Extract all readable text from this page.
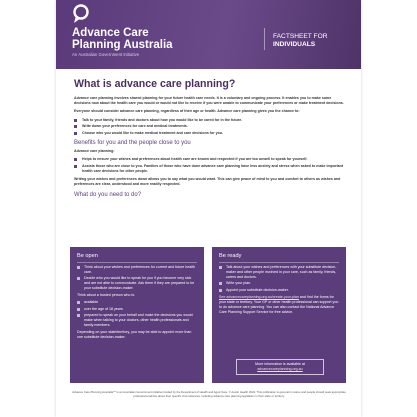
Advance Care
Planning Australia
An Australian Government Initiative
FACTSHEET FOR
INDIVIDUALS
What is advance care planning?

Advance care planning involves shared planning for your future health care needs. It is a voluntary and ongoing process. It enables you to make some decisions now about the health care you would or would not like to receive if you were unable to communicate your preferences or make treatment decisions.

Everyone should consider advance care planning, regardless of their age or health. Advance care planning gives you the chance to:

Talk to your family, friends and doctors about how you would like to be cared for in the future.
Write down your preferences for care and medical treatments.
Choose who you would like to make medical treatment and care decisions for you.
Benefits for you and the people close to you

Advance care planning:

Helps to ensure your wishes and preferences about health care are known and respected if you are too unwell to speak for yourself.
Assists those who are close to you. Families of those who have done advance care planning have less anxiety and stress when asked to make important health care decisions for other people.

Writing your wishes and preferences down allows you to say what you would want. This can give peace of mind to you and comfort to others as wishes and preferences are clear, understood and more readily respected.

What do you need to do?
Be open
Think about your wishes and preferences for current and future health care.
Decide who you would like to speak for you if you become very sick and are not able to communicate. Ask them if they are prepared to be your substitute decision-maker.

Think about a trusted person who is:

available
over the age of 18 years
prepared to speak on your behalf and make the decisions you would make when talking to your doctors, other health professionals and family members.

Depending on your state/territory, you may be able to appoint more than one substitute decision-maker.

Be ready
Talk about your wishes and preferences with your substitute decision-maker and other people involved in your care, such as family, friends, carers and doctors.
Write your plan.
Appoint your substitute decision-maker.

See advancecareplanning.org.au/create-your-plan and find the forms for your state or territory. Your GP or other health professional can support you to do advance care planning. You can also contact the National Advance Care Planning Support Service for free advice.

More information is available at
advancecareplanning.org.au
Advance Care Planning Australia™ is an Australian Government initiative funded by the Department of Health and Aged Care. © Austin Health 2024. This publication is general in nature and people should seek appropriate professional advice about their specific circumstances, including advance care planning legislation in their state or territory.
